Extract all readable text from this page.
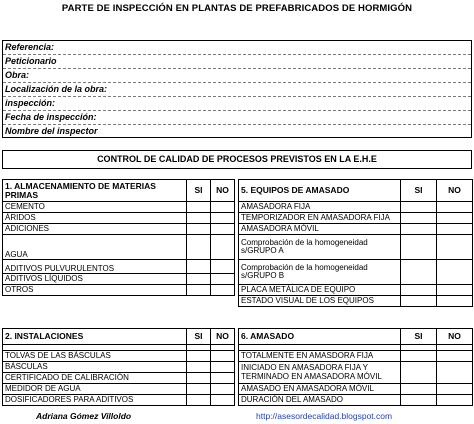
PARTE DE INSPECCIÓN EN PLANTAS DE PREFABRICADOS DE HORMIGÓN
Referencia:
Peticionario
Obra:
Localización de la obra:
inspección:
Fecha de inspección:
Nombre del inspector
CONTROL DE CALIDAD DE PROCESOS PREVISTOS EN LA E.H.E
1. ALMACENAMIENTO DE MATERIAS PRIMAS	SI	NO
CEMENTO		
ÁRIDOS		
ADICIONES		
AGUA		
ADITIVOS PULVURULENTOS		
ADITIVOS LÍQUIDOS		
OTROS		
5. EQUIPOS DE AMASADO	SI	NO
AMASADORA FIJA		
TEMPORIZADOR EN AMASADORA FIJA		
AMASADORA MÓVIL		
Comprobación de la homogeneidad s/GRUPO A		
Comprobación de la homogeneidad s/GRUPO B		
PLACA METÁLICA DE EQUIPO		
ESTADO VISUAL DE LOS EQUIPOS		
2. INSTALACIONES	SI	NO

TOLVAS DE LAS BÁSCULAS		
BÁSCULAS		
CERTIFICADO DE CALIBRACIÓN		
MEDIDOR DE AGUA		
DOSIFICADORES PARA ADITIVOS		
6. AMASADO	SI	NO

TOTALMENTE EN AMASDORA FIJA		
INICIADO EN AMASADORA FIJA Y TERMINADO EN AMASADORA MÓVIL		
AMASADO EN AMASADORA MÓVIL		
DURACIÓN DEL AMASADO		
Adriana Gómez Villoldo	http://asesordecalidad.blogspot.com
